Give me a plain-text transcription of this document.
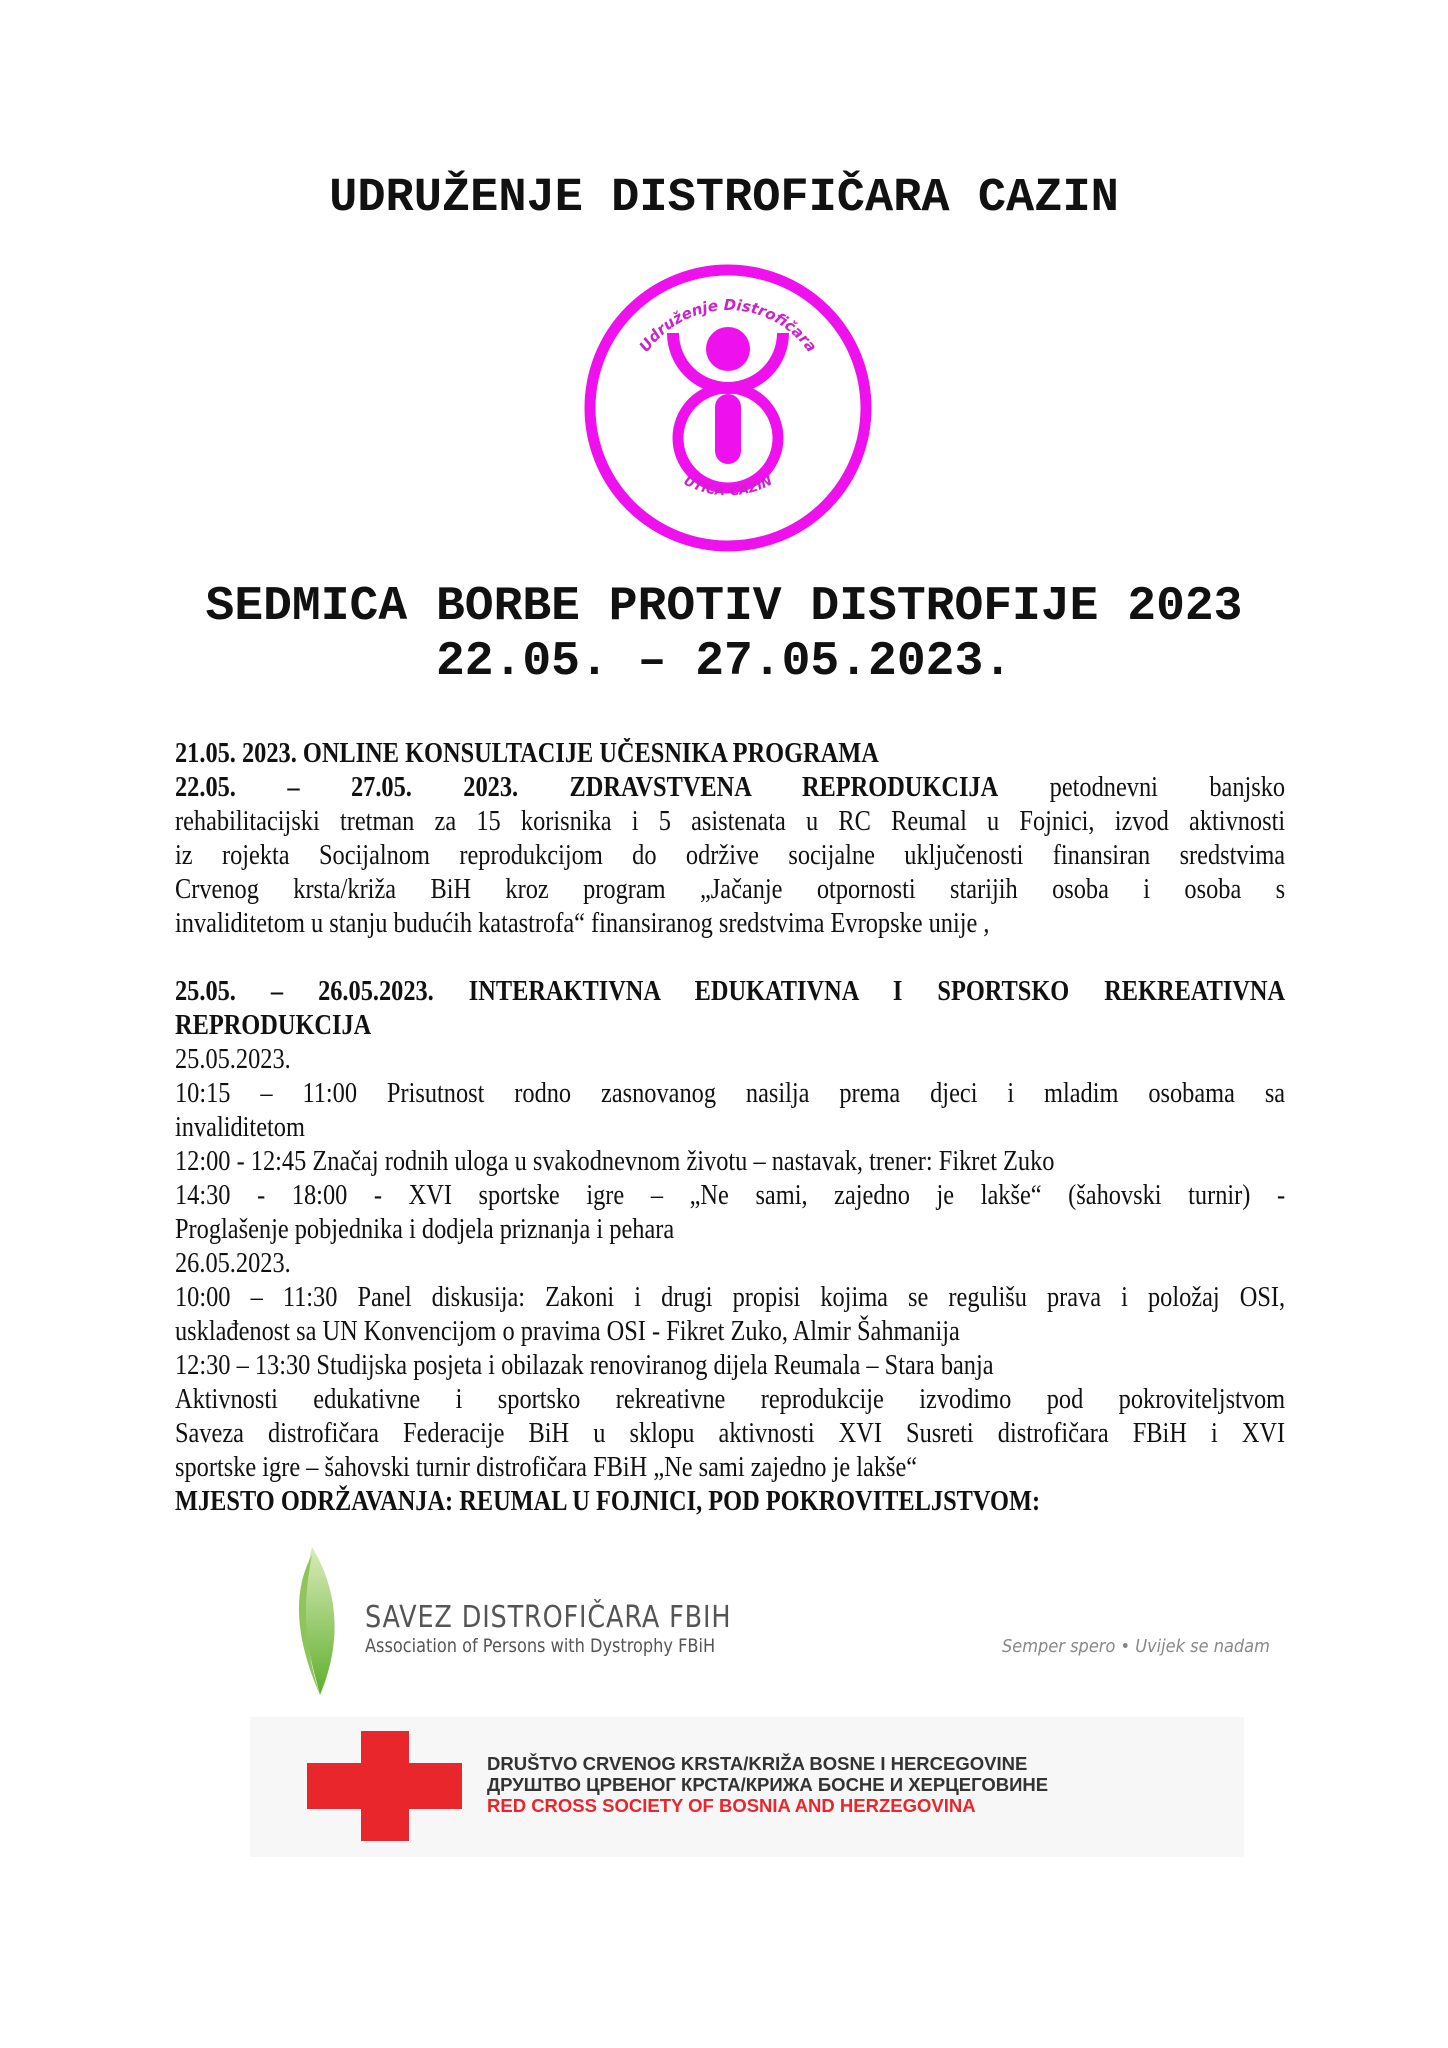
UDRUŽENJE DISTROFIČARA CAZIN
Udruženje Distrofičara
UTICA-CAZIN
SEDMICA BORBE PROTIV DISTROFIJE 2023
22.05. – 27.05.2023.
21.05. 2023. ONLINE KONSULTACIJE UČESNIKA PROGRAMA
22.05. – 27.05. 2023. ZDRAVSTVENA REPRODUKCIJA petodnevni banjsko
rehabilitacijski tretman za 15 korisnika i 5 asistenata u RC Reumal u Fojnici, izvod aktivnosti
iz rojekta Socijalnom reprodukcijom do održive socijalne uključenosti finansiran sredstvima
Crvenog krsta/križa BiH kroz program „Jačanje otpornosti starijih osoba i osoba s
invaliditetom u stanju budućih katastrofa“ finansiranog sredstvima Evropske unije ,
25.05. – 26.05.2023. INTERAKTIVNA EDUKATIVNA I SPORTSKO REKREATIVNA
REPRODUKCIJA
25.05.2023.
10:15 – 11:00 Prisutnost rodno zasnovanog nasilja prema djeci i mladim osobama sa
invaliditetom
12:00 - 12:45 Značaj rodnih uloga u svakodnevnom životu – nastavak, trener: Fikret Zuko
14:30 - 18:00 - XVI sportske igre – „Ne sami, zajedno je lakše“ (šahovski turnir) -
Proglašenje pobjednika i dodjela priznanja i pehara
26.05.2023.
10:00 – 11:30 Panel diskusija: Zakoni i drugi propisi kojima se regulišu prava i položaj OSI,
usklađenost sa UN Konvencijom o pravima OSI - Fikret Zuko, Almir Šahmanija
12:30 – 13:30 Studijska posjeta i obilazak renoviranog dijela Reumala – Stara banja
Aktivnosti edukativne i sportsko rekreativne reprodukcije izvodimo pod pokroviteljstvom
Saveza distrofičara Federacije BiH u sklopu aktivnosti XVI Susreti distrofičara FBiH i XVI
sportske igre – šahovski turnir distrofičara FBiH „Ne sami zajedno je lakše“
MJESTO ODRŽAVANJA: REUMAL U FOJNICI, POD POKROVITELJSTVOM:
SAVEZ DISTROFIČARA FBIH
Association of Persons with Dystrophy FBiH	Semper spero • Uvijek se nadam
DRUŠTVO CRVENOG KRSTA/KRIŽA BOSNE I HERCEGOVINE
ДРУШТВО ЦРВЕНОГ КРСТА/КРИЖА БОСНЕ И ХЕРЦЕГОВИНЕ
RED CROSS SOCIETY OF BOSNIA AND HERZEGOVINA
